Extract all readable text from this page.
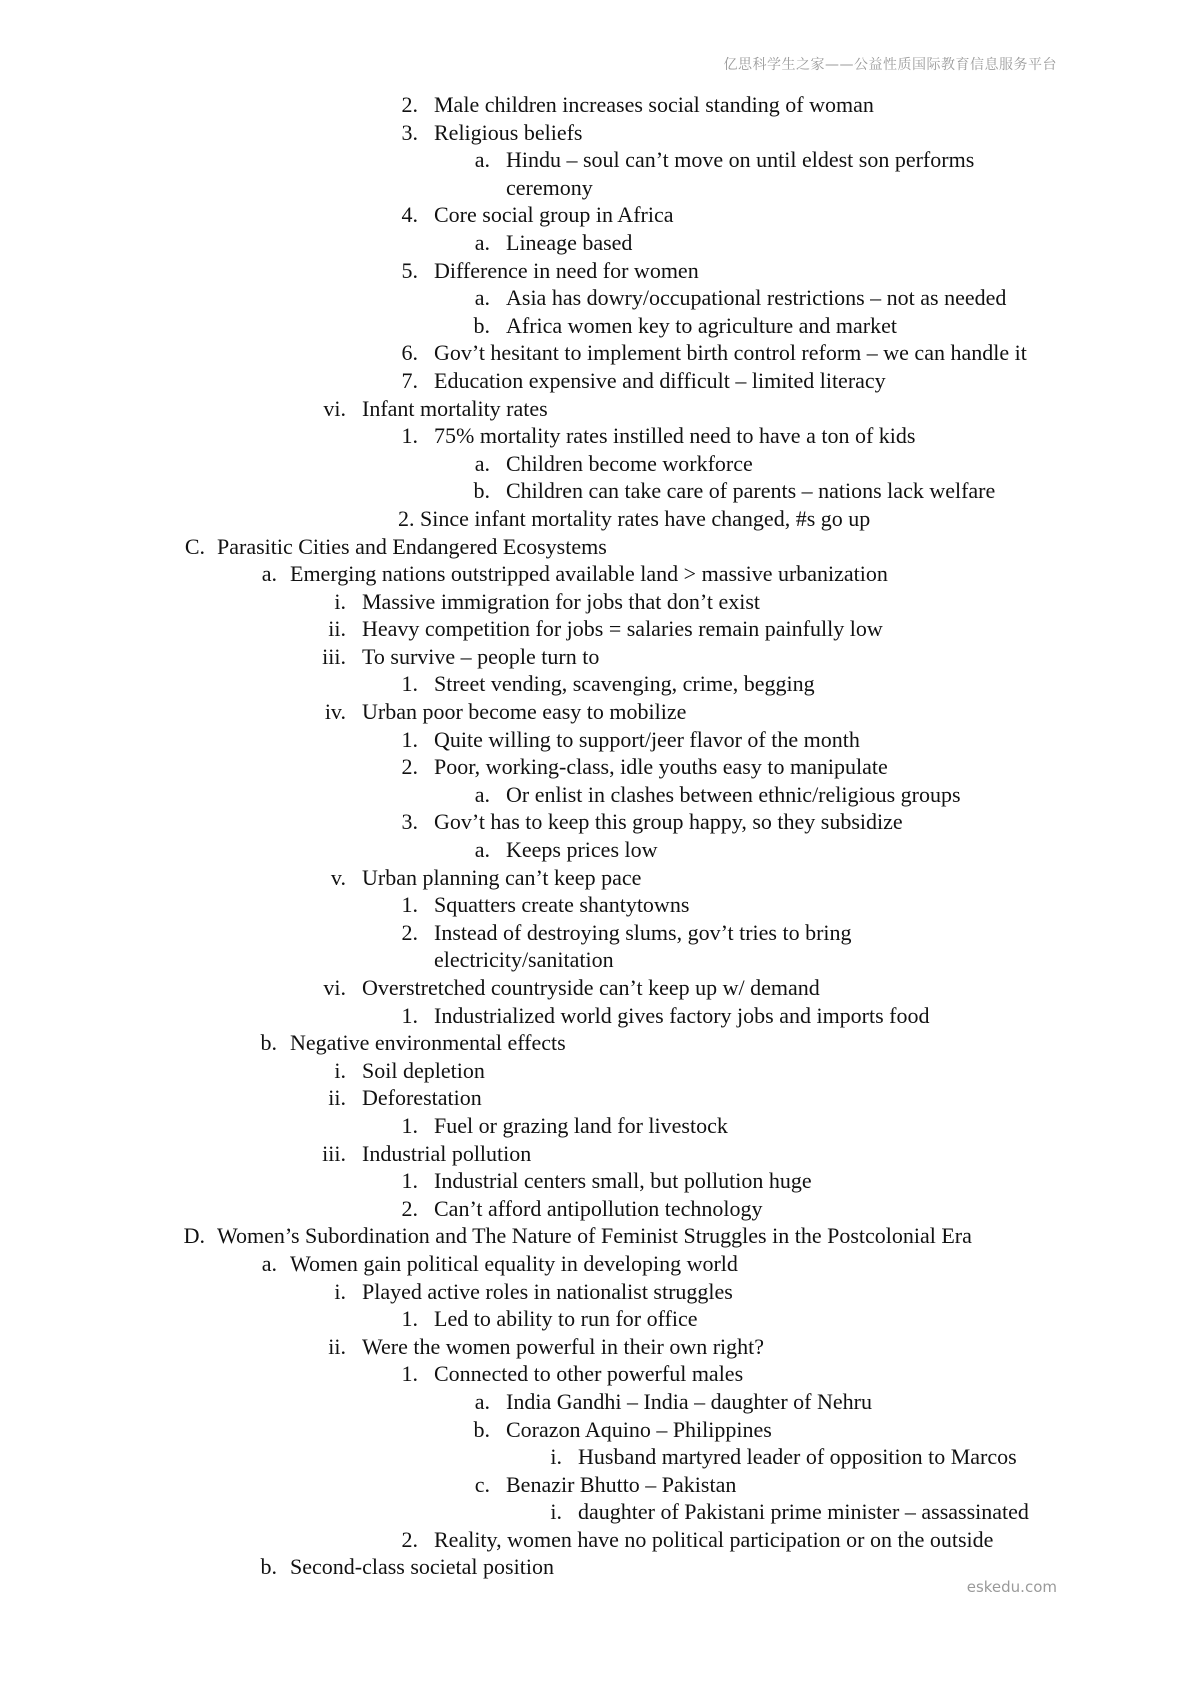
亿思科学生之家——公益性质国际教育信息服务平台
2. Male children increases social standing of woman
3. Religious beliefs
a. Hindu – soul can’t move on until eldest son performs
ceremony
4. Core social group in Africa
a. Lineage based
5. Difference in need for women
a. Asia has dowry/occupational restrictions – not as needed
b. Africa women key to agriculture and market
6. Gov’t hesitant to implement birth control reform – we can handle it
7. Education expensive and difficult – limited literacy
vi. Infant mortality rates
1. 75% mortality rates instilled need to have a ton of kids
a. Children become workforce
b. Children can take care of parents – nations lack welfare
2. Since infant mortality rates have changed, #s go up
C. Parasitic Cities and Endangered Ecosystems
a. Emerging nations outstripped available land > massive urbanization
i. Massive immigration for jobs that don’t exist
ii. Heavy competition for jobs = salaries remain painfully low
iii. To survive – people turn to
1. Street vending, scavenging, crime, begging
iv. Urban poor become easy to mobilize
1. Quite willing to support/jeer flavor of the month
2. Poor, working-class, idle youths easy to manipulate
a. Or enlist in clashes between ethnic/religious groups
3. Gov’t has to keep this group happy, so they subsidize
a. Keeps prices low
v. Urban planning can’t keep pace
1. Squatters create shantytowns
2. Instead of destroying slums, gov’t tries to bring
electricity/sanitation
vi. Overstretched countryside can’t keep up w/ demand
1. Industrialized world gives factory jobs and imports food
b. Negative environmental effects
i. Soil depletion
ii. Deforestation
1. Fuel or grazing land for livestock
iii. Industrial pollution
1. Industrial centers small, but pollution huge
2. Can’t afford antipollution technology
D. Women’s Subordination and The Nature of Feminist Struggles in the Postcolonial Era
a. Women gain political equality in developing world
i. Played active roles in nationalist struggles
1. Led to ability to run for office
ii. Were the women powerful in their own right?
1. Connected to other powerful males
a. India Gandhi – India – daughter of Nehru
b. Corazon Aquino – Philippines
i. Husband martyred leader of opposition to Marcos
c. Benazir Bhutto – Pakistan
i. daughter of Pakistani prime minister – assassinated
2. Reality, women have no political participation or on the outside
b. Second-class societal position
eskedu.com
